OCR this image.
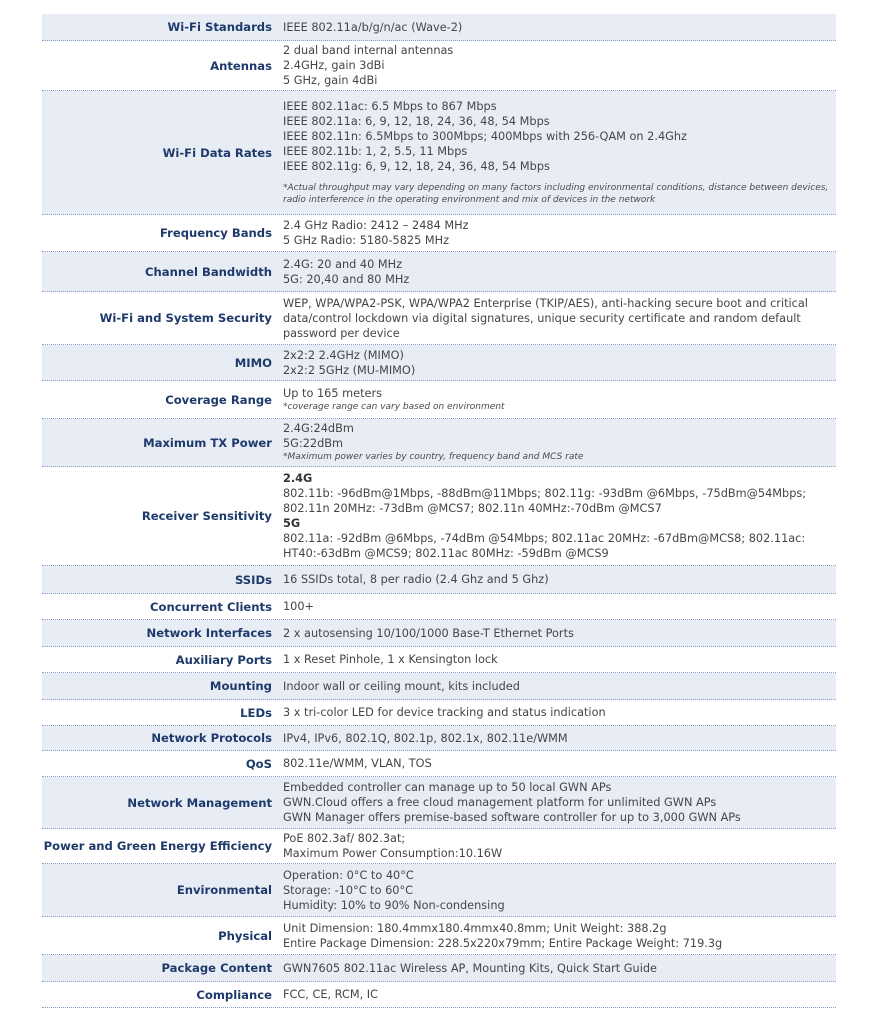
Wi-Fi Standards IEEE 802.11a/b/g/n/ac (Wave-2)
Antennas
2 dual band internal antennas
2.4GHz, gain 3dBi
5 GHz, gain 4dBi
Wi-Fi Data Rates
IEEE 802.11ac: 6.5 Mbps to 867 Mbps
IEEE 802.11a: 6, 9, 12, 18, 24, 36, 48, 54 Mbps
IEEE 802.11n: 6.5Mbps to 300Mbps; 400Mbps with 256-QAM on 2.4Ghz
IEEE 802.11b: 1, 2, 5.5, 11 Mbps
IEEE 802.11g: 6, 9, 12, 18, 24, 36, 48, 54 Mbps
*Actual throughput may vary depending on many factors including environmental conditions, distance between devices, radio interference in the operating environment and mix of devices in the network
Frequency Bands
2.4 GHz Radio: 2412 – 2484 MHz
5 GHz Radio: 5180-5825 MHz
Channel Bandwidth
2.4G: 20 and 40 MHz
5G: 20,40 and 80 MHz
Wi-Fi and System Security
WEP, WPA/WPA2-PSK, WPA/WPA2 Enterprise (TKIP/AES), anti-hacking secure boot and critical data/control lockdown via digital signatures, unique security certificate and random default password per device
MIMO
2x2:2 2.4GHz (MIMO)
2x2:2 5GHz (MU-MIMO)
Coverage Range Up to 165 meters
*coverage range can vary based on environment
Maximum TX Power
2.4G:24dBm
5G:22dBm
*Maximum power varies by country, frequency band and MCS rate
Receiver Sensitivity
2.4G
802.11b: -96dBm@1Mbps, -88dBm@11Mbps; 802.11g: -93dBm @6Mbps, -75dBm@54Mbps; 802.11n 20MHz: -73dBm @MCS7; 802.11n 40MHz:-70dBm @MCS7
5G
802.11a: -92dBm @6Mbps, -74dBm @54Mbps; 802.11ac 20MHz: -67dBm@MCS8; 802.11ac: HT40:-63dBm @MCS9; 802.11ac 80MHz: -59dBm @MCS9
SSIDs 16 SSIDs total, 8 per radio (2.4 Ghz and 5 Ghz)
Concurrent Clients 100+
Network Interfaces 2 x autosensing 10/100/1000 Base-T Ethernet Ports
Auxiliary Ports 1 x Reset Pinhole, 1 x Kensington lock
Mounting Indoor wall or ceiling mount, kits included
LEDs 3 x tri-color LED for device tracking and status indication
Network Protocols IPv4, IPv6, 802.1Q, 802.1p, 802.1x, 802.11e/WMM
QoS 802.11e/WMM, VLAN, TOS
Network Management
Embedded controller can manage up to 50 local GWN APs
GWN.Cloud offers a free cloud management platform for unlimited GWN APs
GWN Manager offers premise-based software controller for up to 3,000 GWN APs
Power and Green Energy Efficiency
PoE 802.3af/ 802.3at;
Maximum Power Consumption:10.16W
Environmental
Operation: 0°C to 40°C
Storage: -10°C to 60°C
Humidity: 10% to 90% Non-condensing
Physical
Unit Dimension: 180.4mmx180.4mmx40.8mm; Unit Weight: 388.2g
Entire Package Dimension: 228.5x220x79mm; Entire Package Weight: 719.3g
Package Content GWN7605 802.11ac Wireless AP, Mounting Kits, Quick Start Guide
Compliance FCC, CE, RCM, IC
